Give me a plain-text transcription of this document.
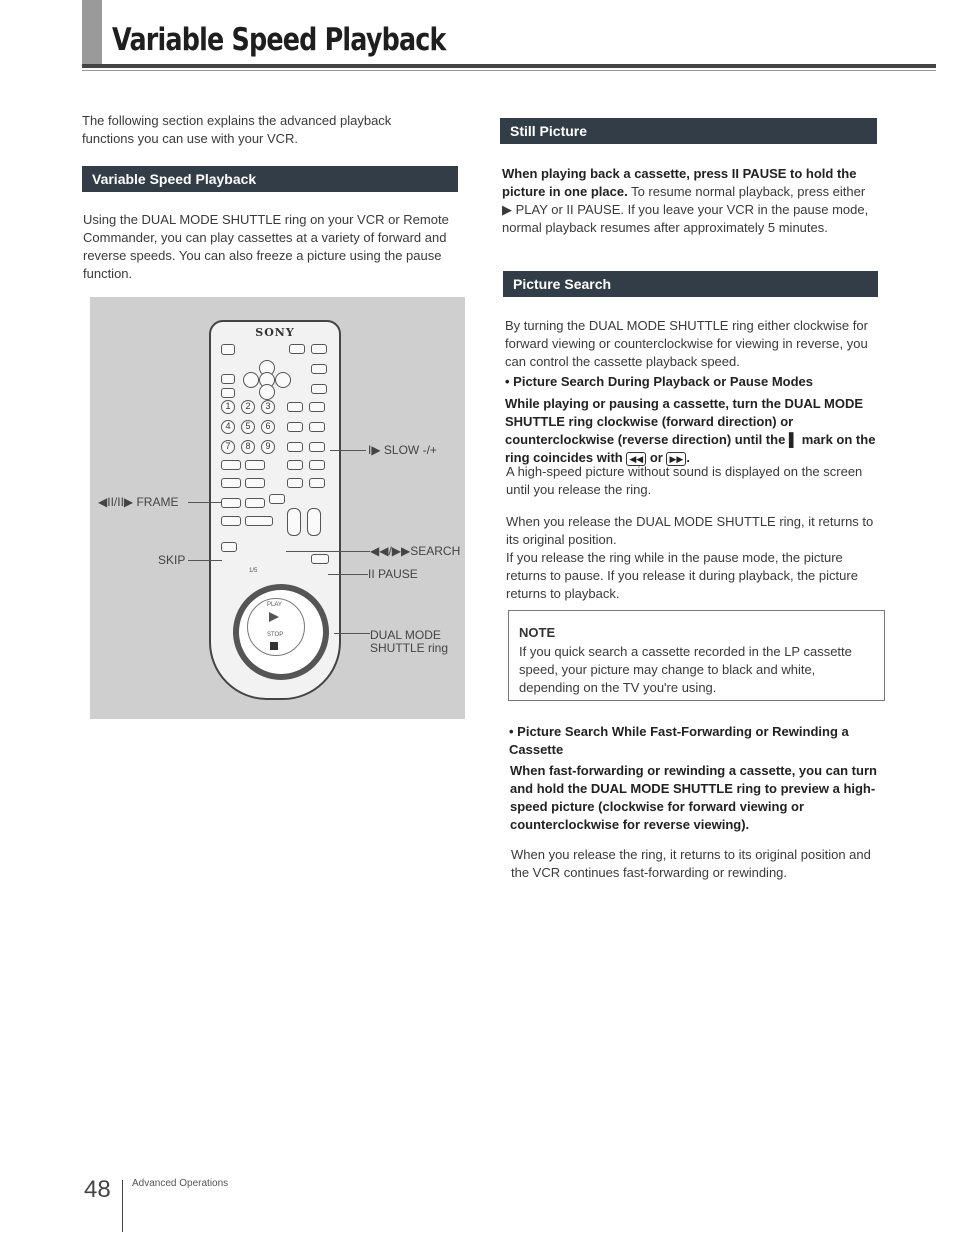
Variable Speed Playback

The following section explains the advanced playback functions you can use with your VCR.

Variable Speed Playback

Using the DUAL MODE SHUTTLE ring on your VCR or Remote Commander, you can play cassettes at a variety of forward and reverse speeds. You can also freeze a picture using the pause function.

SONY
1	2	3
4	5	6
7	8	9
1/5
PLAY
STOP
I▶ SLOW -/+
◀II/II▶ FRAME
SKIP
◀◀/▶▶SEARCH
II PAUSE
DUAL MODE
SHUTTLE ring
Still Picture

When playing back a cassette, press II PAUSE to hold the picture in one place. To resume normal playback, press either ▶ PLAY or II PAUSE. If you leave your VCR in the pause mode, normal playback resumes after approximately 5 minutes.

Picture Search

By turning the DUAL MODE SHUTTLE ring either clockwise for forward viewing or counterclockwise for viewing in reverse, you can control the cassette playback speed.

• Picture Search During Playback or Pause Modes

While playing or pausing a cassette, turn the DUAL MODE SHUTTLE ring clockwise (forward direction) or counterclockwise (reverse direction) until the ▌ mark on the ring coincides with ◀◀ or ▶▶ .

A high-speed picture without sound is displayed on the screen until you release the ring.

When you release the DUAL MODE SHUTTLE ring, it returns to its original position.

If you release the ring while in the pause mode, the picture returns to pause. If you release it during playback, the picture returns to playback.

NOTE

If you quick search a cassette recorded in the LP cassette speed, your picture may change to black and white, depending on the TV you're using.

• Picture Search While Fast-Forwarding or Rewinding a Cassette

When fast-forwarding or rewinding a cassette, you can turn and hold the DUAL MODE SHUTTLE ring to preview a high-speed picture (clockwise for forward viewing or counterclockwise for reverse viewing).

When you release the ring, it returns to its original position and the VCR continues fast-forwarding or rewinding.

48 Advanced Operations
